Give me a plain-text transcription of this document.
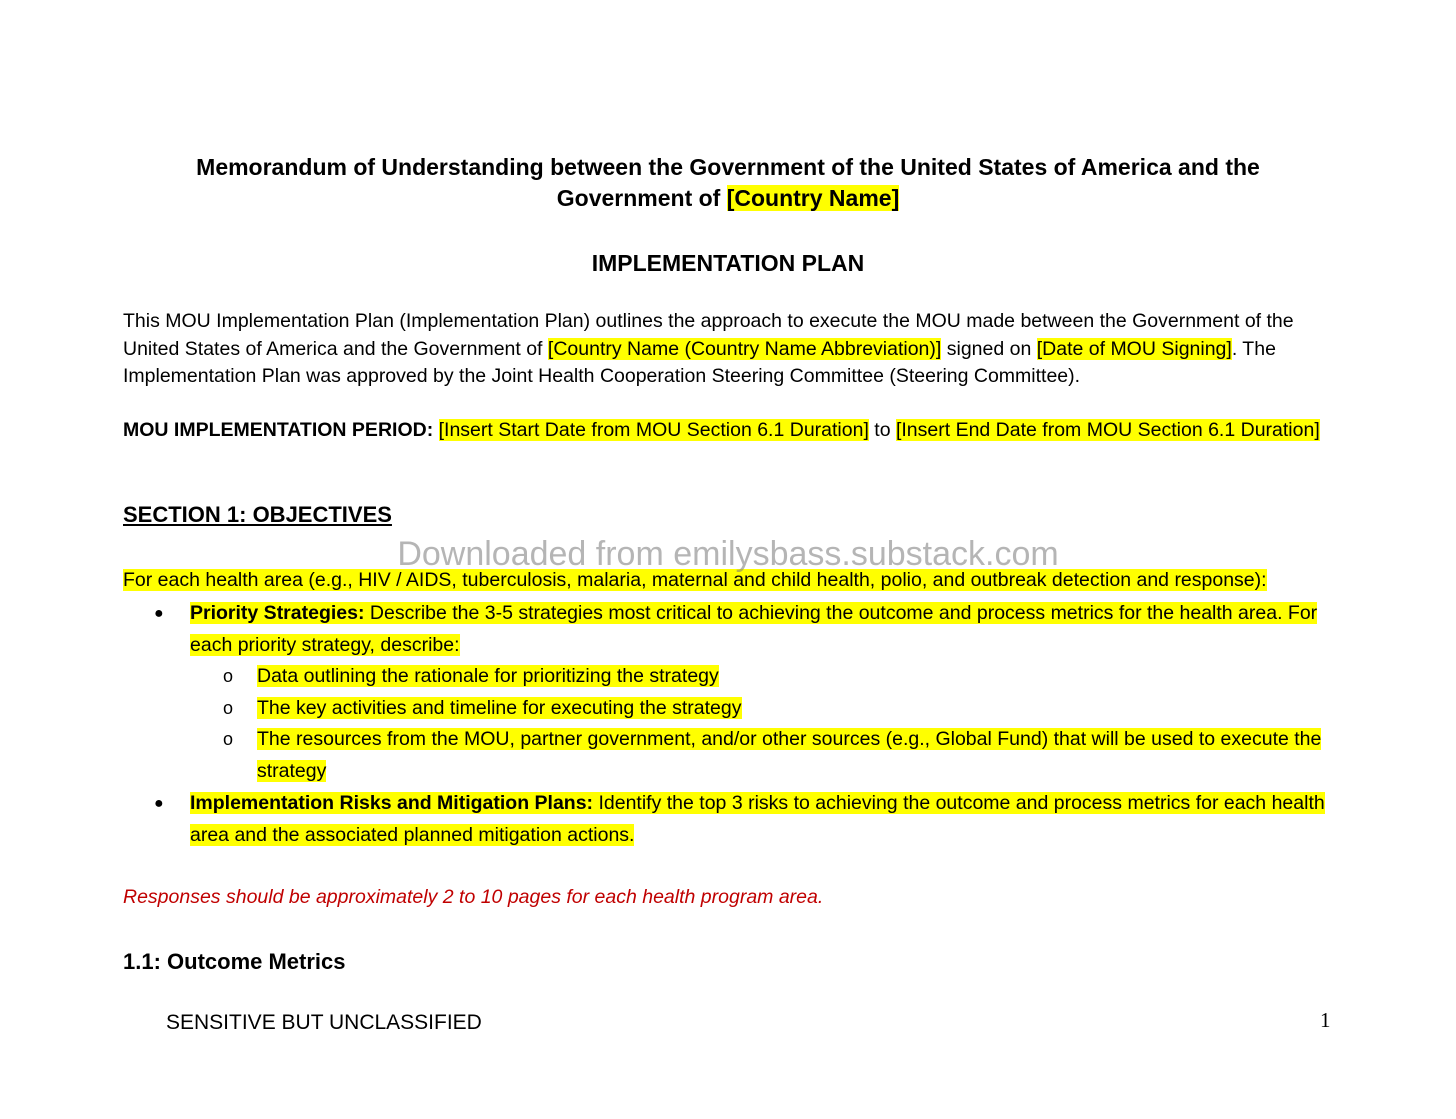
Memorandum of Understanding between the Government of the United States of America and the
Government of [Country Name]
IMPLEMENTATION PLAN
This MOU Implementation Plan (Implementation Plan) outlines the approach to execute the MOU made between the Government of the United States of America and the Government of [Country Name (Country Name Abbreviation)] signed on [Date of MOU Signing]. The Implementation Plan was approved by the Joint Health Cooperation Steering Committee (Steering Committee).
MOU IMPLEMENTATION PERIOD: [Insert Start Date from MOU Section 6.1 Duration] to [Insert End Date from MOU Section 6.1 Duration]
SECTION 1: OBJECTIVES
For each health area (e.g., HIV / AIDS, tuberculosis, malaria, maternal and child health, polio, and outbreak detection and response):
● Priority Strategies: Describe the 3-5 strategies most critical to achieving the outcome and process metrics for the health area. For each priority strategy, describe:
o Data outlining the rationale for prioritizing the strategy
o The key activities and timeline for executing the strategy
o The resources from the MOU, partner government, and/or other sources (e.g., Global Fund) that will be used to execute the strategy
● Implementation Risks and Mitigation Plans: Identify the top 3 risks to achieving the outcome and process metrics for each health area and the associated planned mitigation actions.
Downloaded from emilysbass.substack.com
Responses should be approximately 2 to 10 pages for each health program area.
1.1: Outcome Metrics
SENSITIVE BUT UNCLASSIFIED	1
